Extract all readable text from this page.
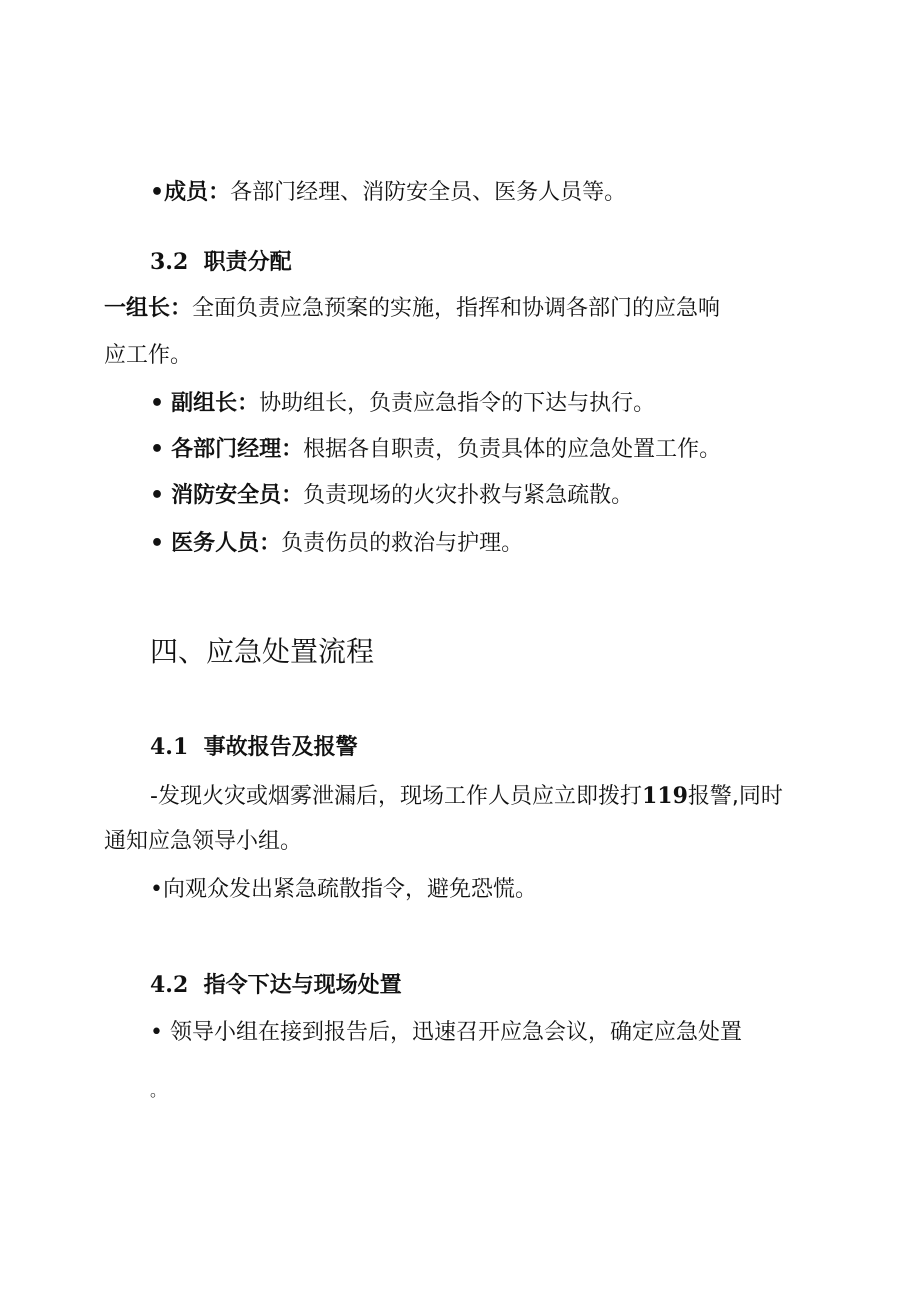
•成员：各部门经理、消防安全员、医务人员等。
3.2 职责分配
一组长：全面负责应急预案的实施，指挥和协调各部门的应急响
应工作。
• 副组长：协助组长，负责应急指令的下达与执行。
• 各部门经理：根据各自职责，负责具体的应急处置工作。
• 消防安全员：负责现场的火灾扑救与紧急疏散。
• 医务人员：负责伤员的救治与护理。
四、应急处置流程
4.1 事故报告及报警
-发现火灾或烟雾泄漏后，现场工作人员应立即拨打119报警,同时
通知应急领导小组。
•向观众发出紧急疏散指令，避免恐慌。
4.2 指令下达与现场处置
• 领导小组在接到报告后，迅速召开应急会议，确定应急处置
。
